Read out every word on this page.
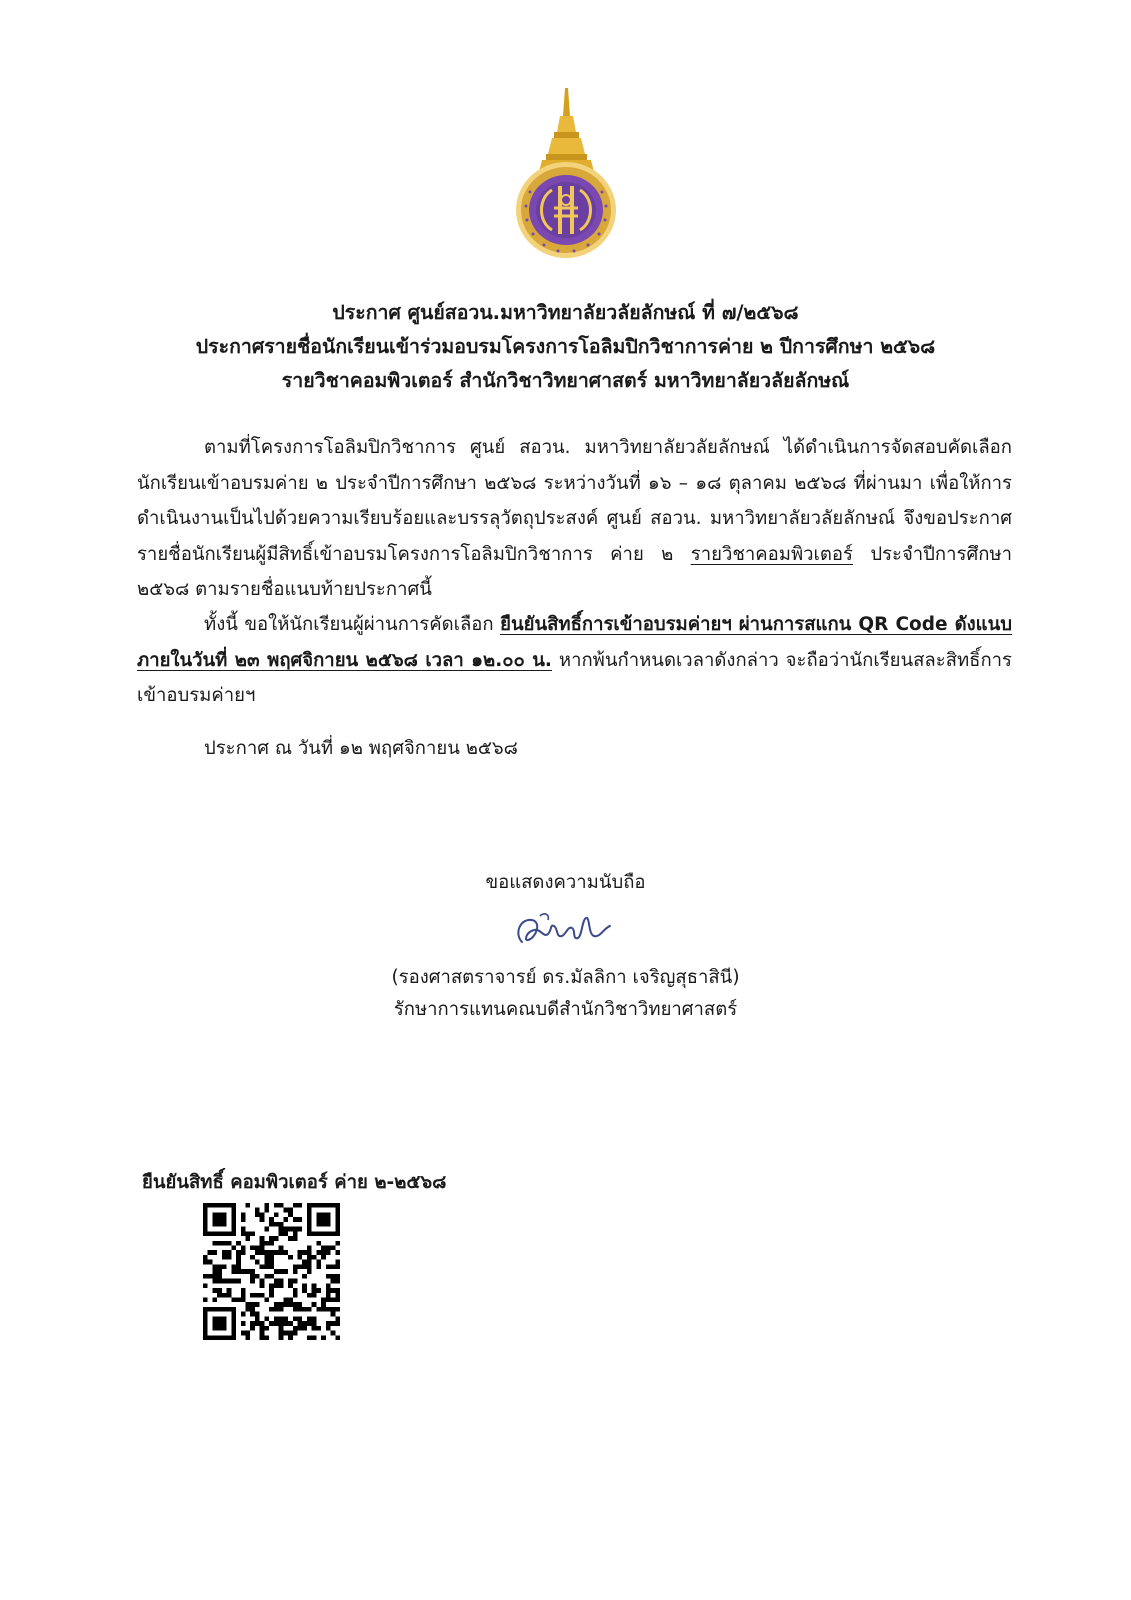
ประกาศ ศูนย์สอวน.มหาวิทยาลัยวลัยลักษณ์ ที่ ๗/๒๕๖๘
ประกาศรายชื่อนักเรียนเข้าร่วมอบรมโครงการโอลิมปิกวิชาการค่าย ๒ ปีการศึกษา ๒๕๖๘
รายวิชาคอมพิวเตอร์ สำนักวิชาวิทยาศาสตร์ มหาวิทยาลัยวลัยลักษณ์
ตามที่โครงการโอลิมปิกวิชาการ ศูนย์ สอวน. มหาวิทยาลัยวลัยลักษณ์ ได้ดำเนินการจัดสอบคัดเลือกนักเรียนเข้าอบรมค่าย ๒ ประจำปีการศึกษา ๒๕๖๘ ระหว่างวันที่ ๑๖ – ๑๘ ตุลาคม ๒๕๖๘ ที่ผ่านมา เพื่อให้การดำเนินงานเป็นไปด้วยความเรียบร้อยและบรรลุวัตถุประสงค์ ศูนย์ สอวน. มหาวิทยาลัยวลัยลักษณ์ จึงขอประกาศรายชื่อนักเรียนผู้มีสิทธิ์เข้าอบรมโครงการโอลิมปิกวิชาการ ค่าย ๒ รายวิชาคอมพิวเตอร์ ประจำปีการศึกษา ๒๕๖๘ ตามรายชื่อแนบท้ายประกาศนี้
ทั้งนี้ ขอให้นักเรียนผู้ผ่านการคัดเลือก ยืนยันสิทธิ์การเข้าอบรมค่ายฯ ผ่านการสแกน QR Code ดังแนบ ภายในวันที่ ๒๓ พฤศจิกายน ๒๕๖๘ เวลา ๑๒.๐๐ น. หากพ้นกำหนดเวลาดังกล่าว จะถือว่านักเรียนสละสิทธิ์การเข้าอบรมค่ายฯ
ประกาศ ณ วันที่ ๑๒ พฤศจิกายน ๒๕๖๘
ขอแสดงความนับถือ
(รองศาสตราจารย์ ดร.มัลลิกา เจริญสุธาสินี)
รักษาการแทนคณบดีสำนักวิชาวิทยาศาสตร์
ยืนยันสิทธิ์ คอมพิวเตอร์ ค่าย ๒-๒๕๖๘
